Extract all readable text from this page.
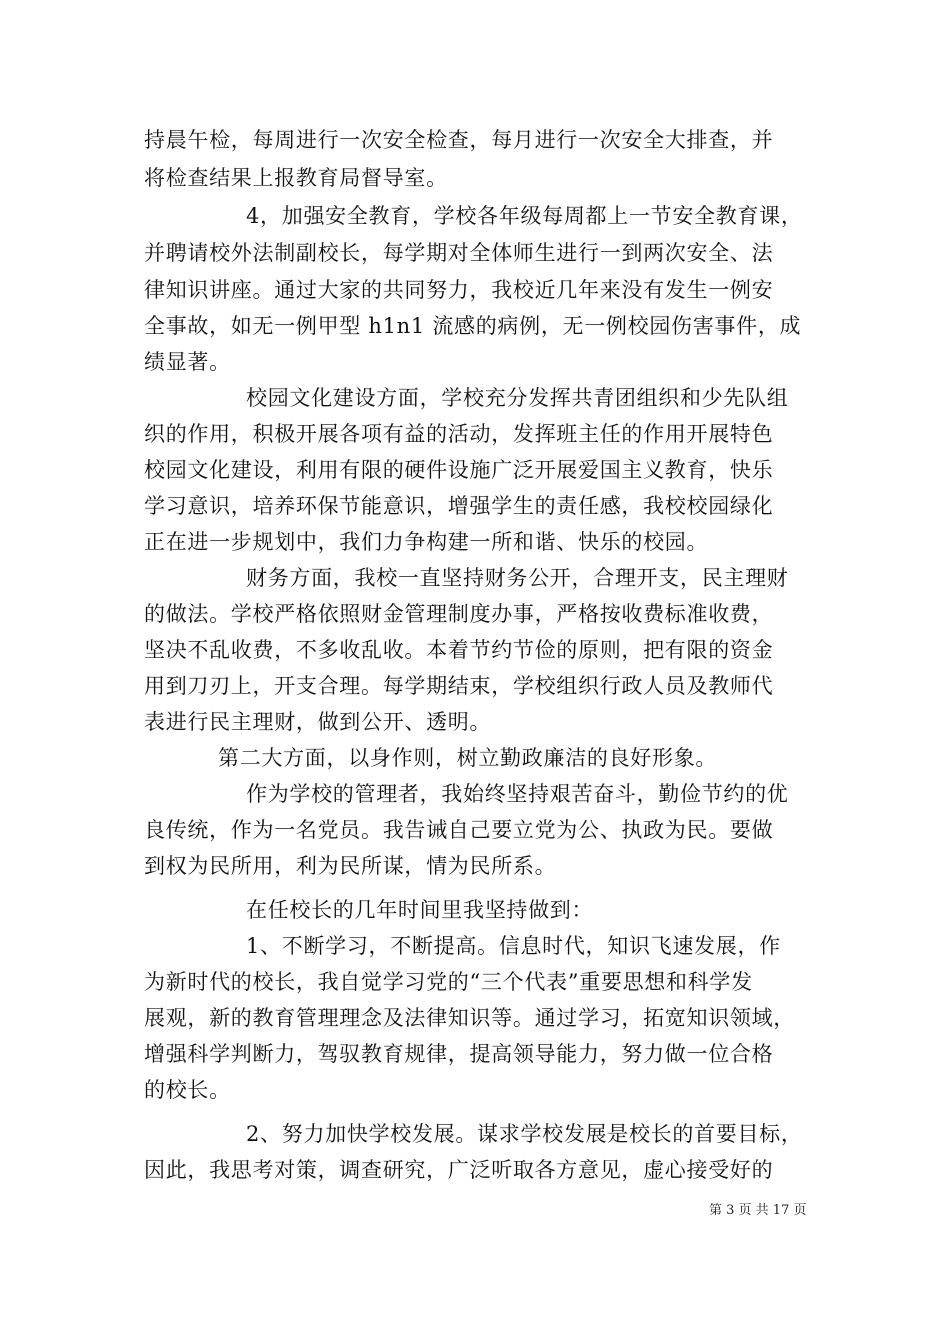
持晨午检，每周进行一次安全检查，每月进行一次安全大排查，并
将检查结果上报教育局督导室。
4，加强安全教育，学校各年级每周都上一节安全教育课，
并聘请校外法制副校长，每学期对全体师生进行一到两次安全、法
律知识讲座。通过大家的共同努力，我校近几年来没有发生一例安
全事故，如无一例甲型 h1n1 流感的病例，无一例校园伤害事件，成
绩显著。
校园文化建设方面，学校充分发挥共青团组织和少先队组
织的作用，积极开展各项有益的活动，发挥班主任的作用开展特色
校园文化建设，利用有限的硬件设施广泛开展爱国主义教育，快乐
学习意识，培养环保节能意识，增强学生的责任感，我校校园绿化
正在进一步规划中，我们力争构建一所和谐、快乐的校园。
财务方面，我校一直坚持财务公开，合理开支，民主理财
的做法。学校严格依照财金管理制度办事，严格按收费标准收费，
坚决不乱收费，不多收乱收。本着节约节俭的原则，把有限的资金
用到刀刃上，开支合理。每学期结束，学校组织行政人员及教师代
表进行民主理财，做到公开、透明。
第二大方面，以身作则，树立勤政廉洁的良好形象。
作为学校的管理者，我始终坚持艰苦奋斗，勤俭节约的优
良传统，作为一名党员。我告诫自己要立党为公、执政为民。要做
到权为民所用，利为民所谋，情为民所系。
在任校长的几年时间里我坚持做到：
1、不断学习，不断提高。信息时代，知识飞速发展，作
为新时代的校长，我自觉学习党的“三个代表”重要思想和科学发
展观，新的教育管理理念及法律知识等。通过学习，拓宽知识领域，
增强科学判断力，驾驭教育规律，提高领导能力，努力做一位合格
的校长。
2、努力加快学校发展。谋求学校发展是校长的首要目标，
因此，我思考对策，调查研究，广泛听取各方意见，虚心接受好的
第 3 页 共 17 页
